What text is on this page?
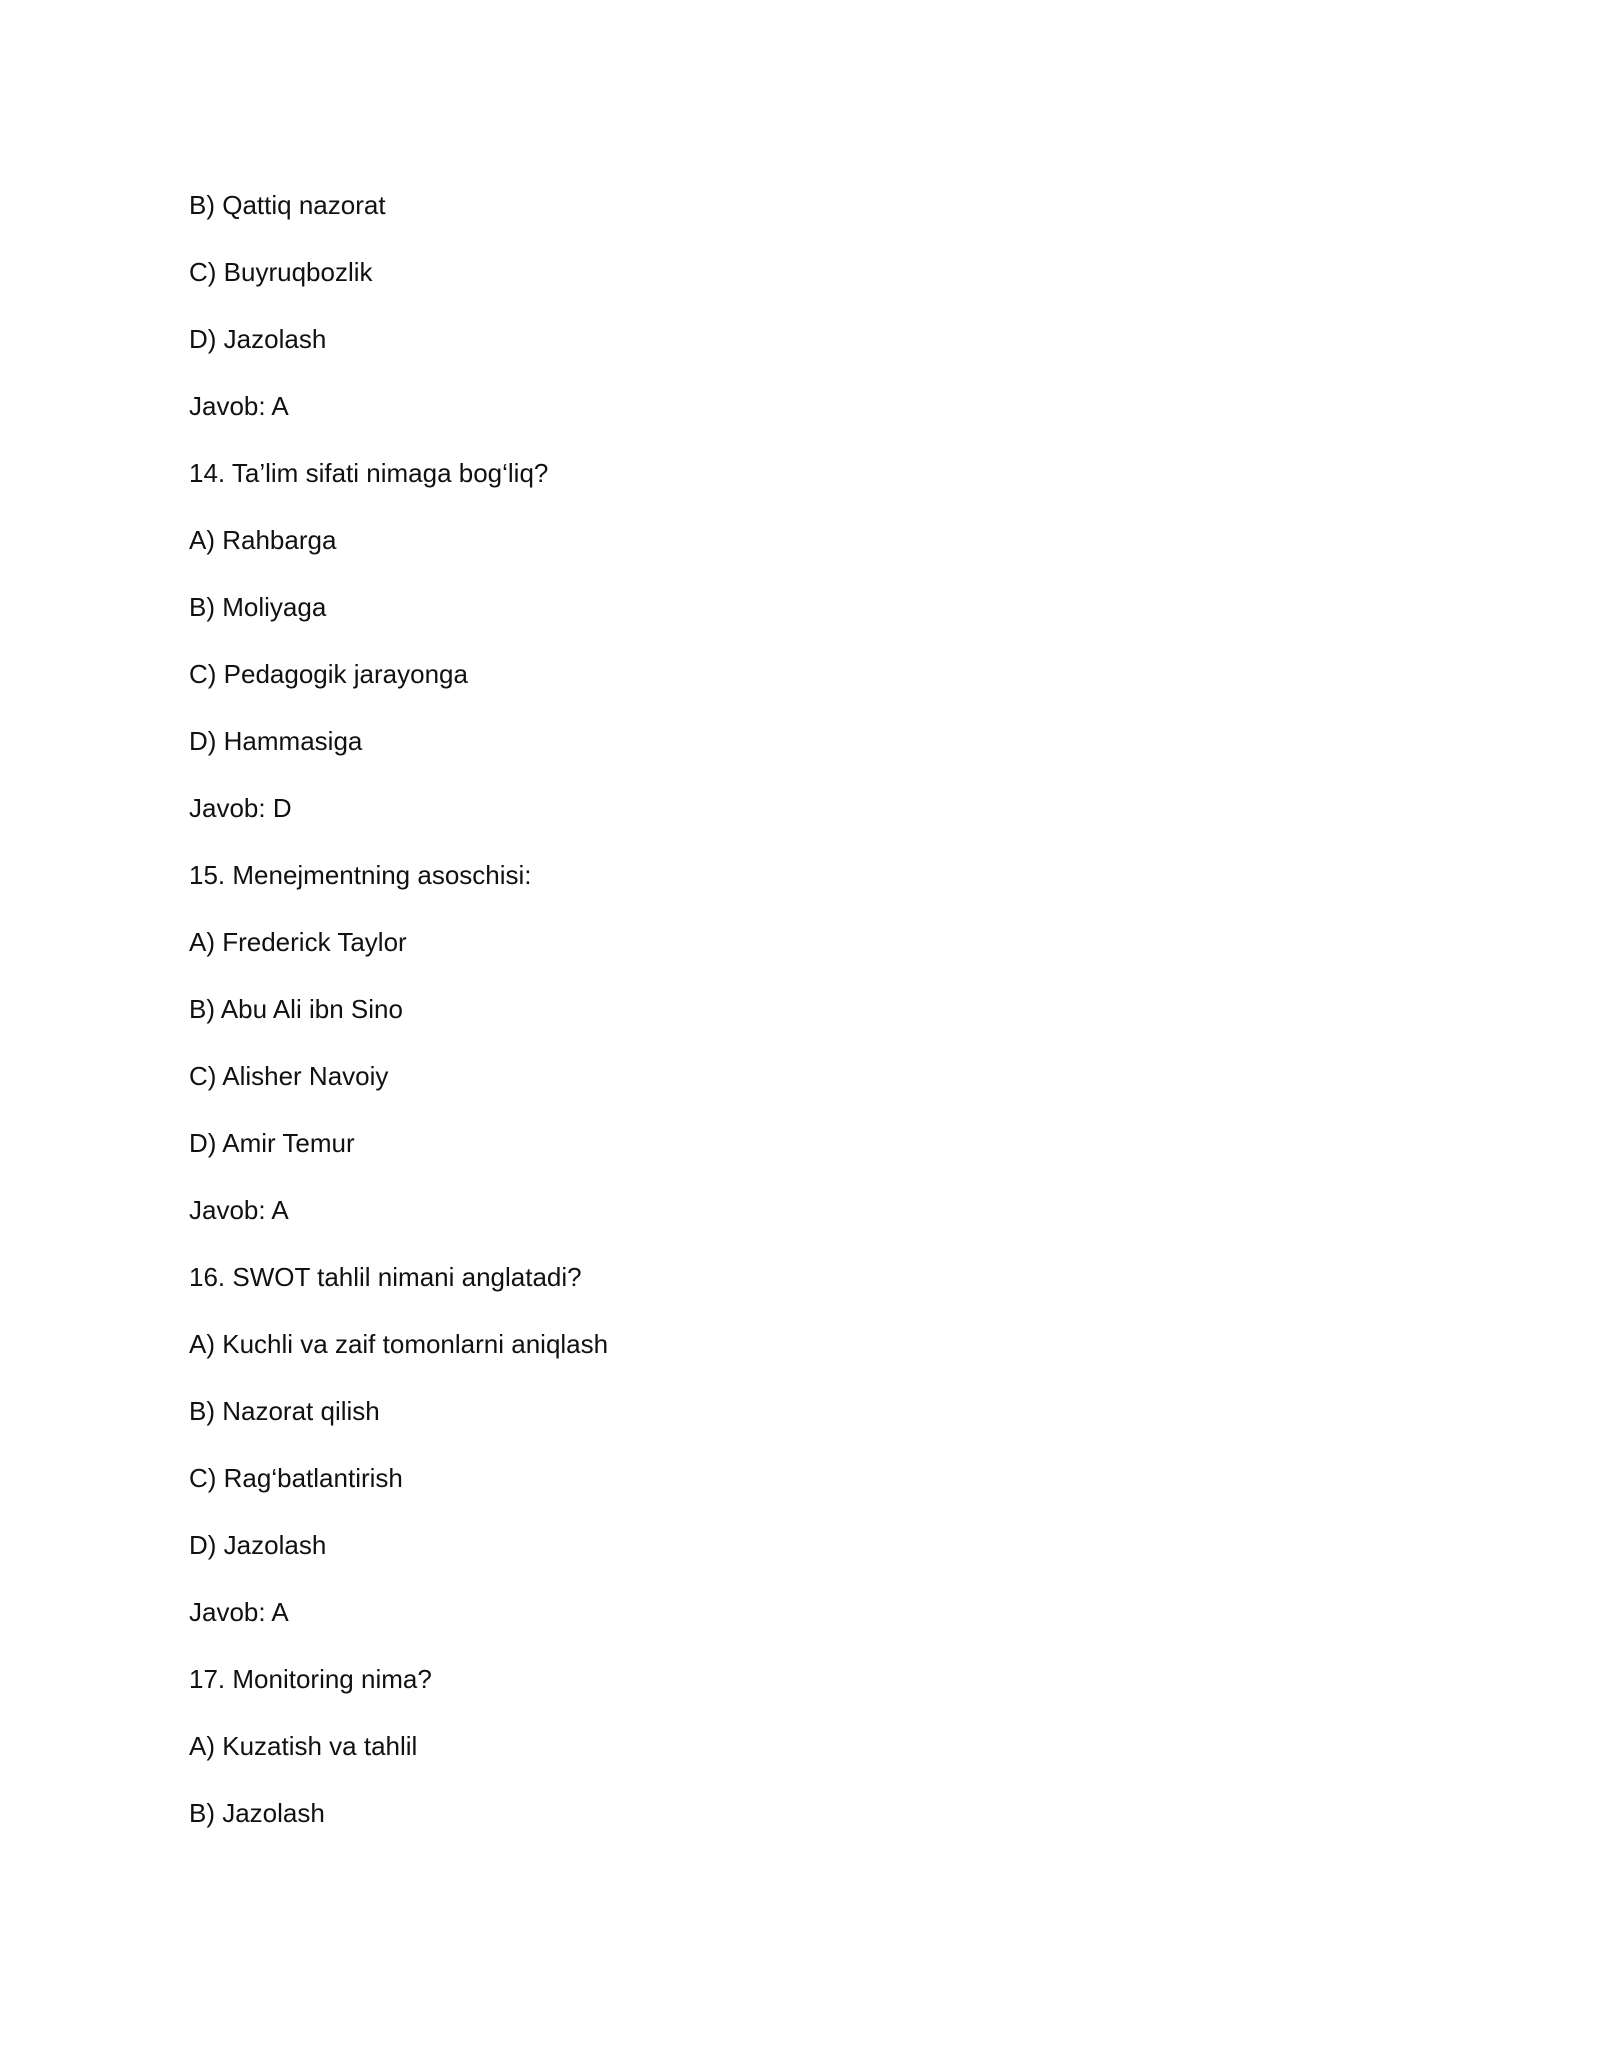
B) Qattiq nazorat

C) Buyruqbozlik

D) Jazolash

Javob: A

14. Ta’lim sifati nimaga bog‘liq?

A) Rahbarga

B) Moliyaga

C) Pedagogik jarayonga

D) Hammasiga

Javob: D

15. Menejmentning asoschisi:

A) Frederick Taylor

B) Abu Ali ibn Sino

C) Alisher Navoiy

D) Amir Temur

Javob: A

16. SWOT tahlil nimani anglatadi?

A) Kuchli va zaif tomonlarni aniqlash

B) Nazorat qilish

C) Rag‘batlantirish

D) Jazolash

Javob: A

17. Monitoring nima?

A) Kuzatish va tahlil

B) Jazolash
